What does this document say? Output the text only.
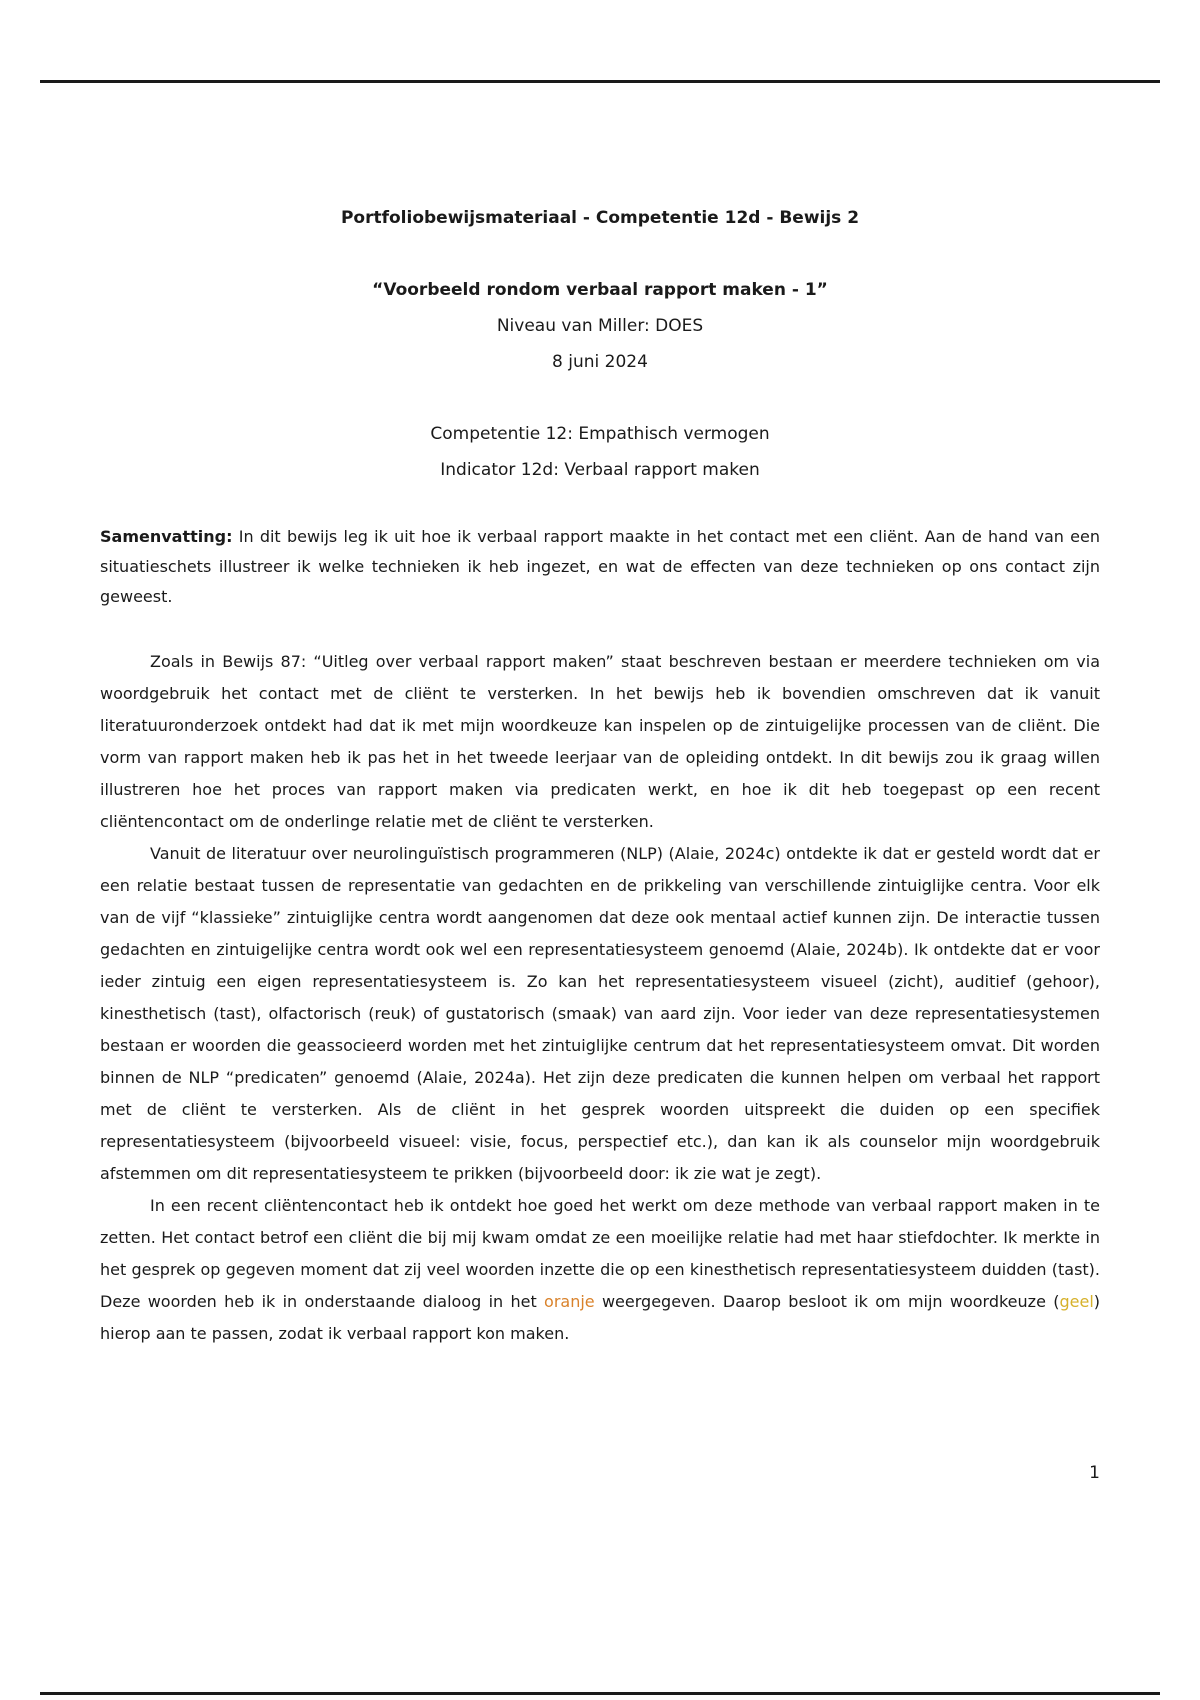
Portfoliobewijsmateriaal - Competentie 12d - Bewijs 2
“Voorbeeld rondom verbaal rapport maken - 1”
Niveau van Miller: DOES
8 juni 2024
Competentie 12: Empathisch vermogen
Indicator 12d: Verbaal rapport maken
Samenvatting: In dit bewijs leg ik uit hoe ik verbaal rapport maakte in het contact met een cliënt. Aan de hand van een situatieschets illustreer ik welke technieken ik heb ingezet, en wat de effecten van deze technieken op ons contact zijn geweest.

Zoals in Bewijs 87: “Uitleg over verbaal rapport maken” staat beschreven bestaan er meerdere technieken om via woordgebruik het contact met de cliënt te versterken. In het bewijs heb ik bovendien omschreven dat ik vanuit literatuuronderzoek ontdekt had dat ik met mijn woordkeuze kan inspelen op de zintuigelijke processen van de cliënt. Die vorm van rapport maken heb ik pas het in het tweede leerjaar van de opleiding ontdekt. In dit bewijs zou ik graag willen illustreren hoe het proces van rapport maken via predicaten werkt, en hoe ik dit heb toegepast op een recent cliëntencontact om de onderlinge relatie met de cliënt te versterken.

Vanuit de literatuur over neurolinguïstisch programmeren (NLP) (Alaie, 2024c) ontdekte ik dat er gesteld wordt dat er een relatie bestaat tussen de representatie van gedachten en de prikkeling van verschillende zintuiglijke centra. Voor elk van de vijf “klassieke” zintuiglijke centra wordt aangenomen dat deze ook mentaal actief kunnen zijn. De interactie tussen gedachten en zintuigelijke centra wordt ook wel een representatiesysteem genoemd (Alaie, 2024b). Ik ontdekte dat er voor ieder zintuig een eigen representatiesysteem is. Zo kan het representatiesysteem visueel (zicht), auditief (gehoor), kinesthetisch (tast), olfactorisch (reuk) of gustatorisch (smaak) van aard zijn. Voor ieder van deze representatiesystemen bestaan er woorden die geassocieerd worden met het zintuiglijke centrum dat het representatiesysteem omvat. Dit worden binnen de NLP “predicaten” genoemd (Alaie, 2024a). Het zijn deze predicaten die kunnen helpen om verbaal het rapport met de cliënt te versterken. Als de cliënt in het gesprek woorden uitspreekt die duiden op een specifiek representatiesysteem (bijvoorbeeld visueel: visie, focus, perspectief etc.), dan kan ik als counselor mijn woordgebruik afstemmen om dit representatiesysteem te prikken (bijvoorbeeld door: ik zie wat je zegt).

In een recent cliëntencontact heb ik ontdekt hoe goed het werkt om deze methode van verbaal rapport maken in te zetten. Het contact betrof een cliënt die bij mij kwam omdat ze een moeilijke relatie had met haar stiefdochter. Ik merkte in het gesprek op gegeven moment dat zij veel woorden inzette die op een kinesthetisch representatiesysteem duidden (tast). Deze woorden heb ik in onderstaande dialoog in het oranje weergegeven. Daarop besloot ik om mijn woordkeuze (geel) hierop aan te passen, zodat ik verbaal rapport kon maken.

1
